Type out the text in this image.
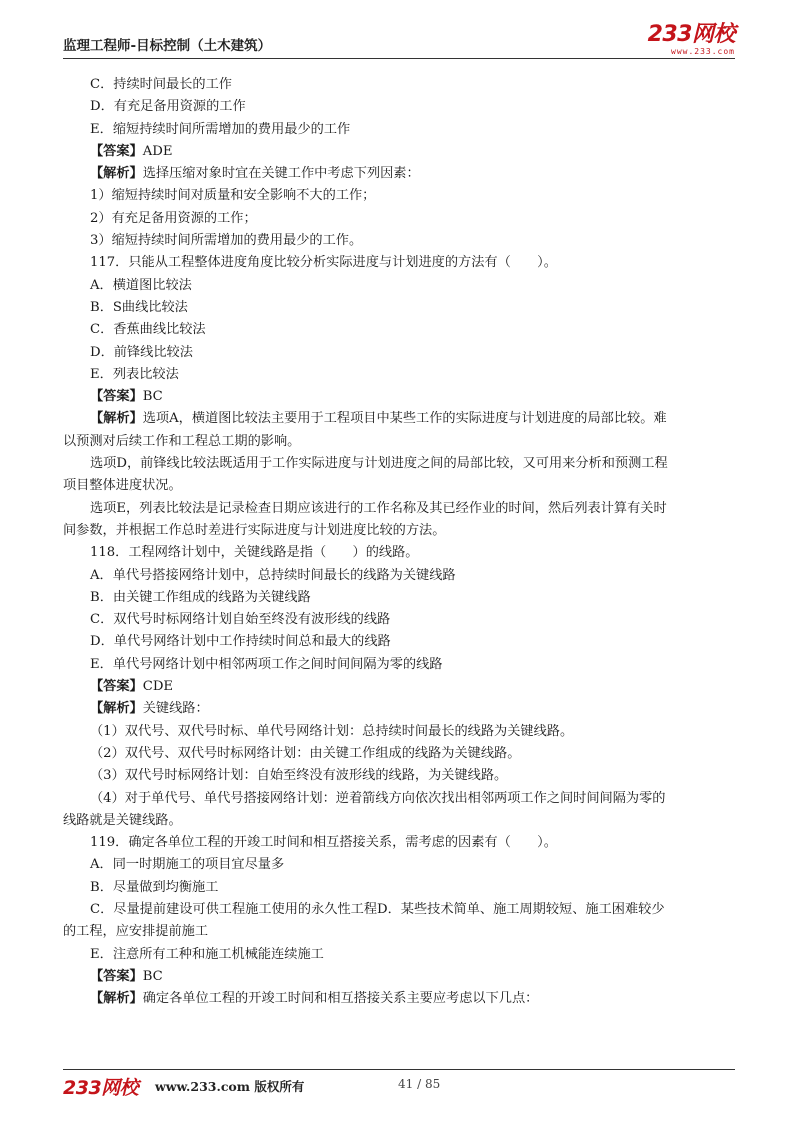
监理工程师-目标控制（土木建筑）	233网校
www.233.com
C．持续时间最长的工作
D．有充足备用资源的工作
E．缩短持续时间所需增加的费用最少的工作
【答案】ADE
【解析】选择压缩对象时宜在关键工作中考虑下列因素：
1）缩短持续时间对质量和安全影响不大的工作；
2）有充足备用资源的工作；
3）缩短持续时间所需增加的费用最少的工作。
117．只能从工程整体进度角度比较分析实际进度与计划进度的方法有（　　）。
A．横道图比较法
B．S曲线比较法
C．香蕉曲线比较法
D．前锋线比较法
E．列表比较法
【答案】BC
【解析】选项A，横道图比较法主要用于工程项目中某些工作的实际进度与计划进度的局部比较。难
以预测对后续工作和工程总工期的影响。
选项D，前锋线比较法既适用于工作实际进度与计划进度之间的局部比较，又可用来分析和预测工程
项目整体进度状况。
选项E，列表比较法是记录检查日期应该进行的工作名称及其已经作业的时间，然后列表计算有关时
间参数，并根据工作总时差进行实际进度与计划进度比较的方法。
118．工程网络计划中，关键线路是指（　　）的线路。
A．单代号搭接网络计划中，总持续时间最长的线路为关键线路
B．由关键工作组成的线路为关键线路
C．双代号时标网络计划自始至终没有波形线的线路
D．单代号网络计划中工作持续时间总和最大的线路
E．单代号网络计划中相邻两项工作之间时间间隔为零的线路
【答案】CDE
【解析】关键线路：
（1）双代号、双代号时标、单代号网络计划：总持续时间最长的线路为关键线路。
（2）双代号、双代号时标网络计划：由关键工作组成的线路为关键线路。
（3）双代号时标网络计划：自始至终没有波形线的线路，为关键线路。
（4）对于单代号、单代号搭接网络计划：逆着箭线方向依次找出相邻两项工作之间时间间隔为零的
线路就是关键线路。
119．确定各单位工程的开竣工时间和相互搭接关系，需考虑的因素有（　　）。
A．同一时期施工的项目宜尽量多
B．尽量做到均衡施工
C．尽量提前建设可供工程施工使用的永久性工程D．某些技术简单、施工周期较短、施工困难较少
的工程，应安排提前施工
E．注意所有工种和施工机械能连续施工
【答案】BC
【解析】确定各单位工程的开竣工时间和相互搭接关系主要应考虑以下几点：
233网校 www.233.com 版权所有	41 / 85
